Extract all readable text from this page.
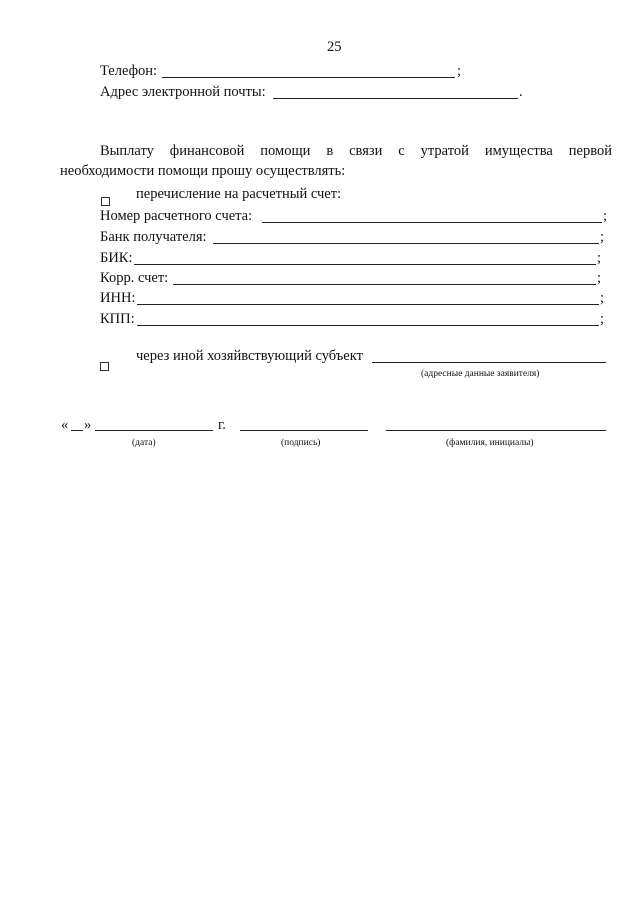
25
Телефон:	;
Адрес электронной почты:	.
Выплату финансовой помощи в связи с утратой имущества первой
необходимости помощи прошу осуществлять:
перечисление на расчетный счет:
Номер расчетного счета:	;
Банк получателя:	;
БИК:	;
Корр. счет:	;
ИНН:	;
КПП:	;
через иной хозяйвствующий субъект
(адресные данные заявителя)
« »	г.
(дата)	(подпись)	(фамилия, инициалы)
